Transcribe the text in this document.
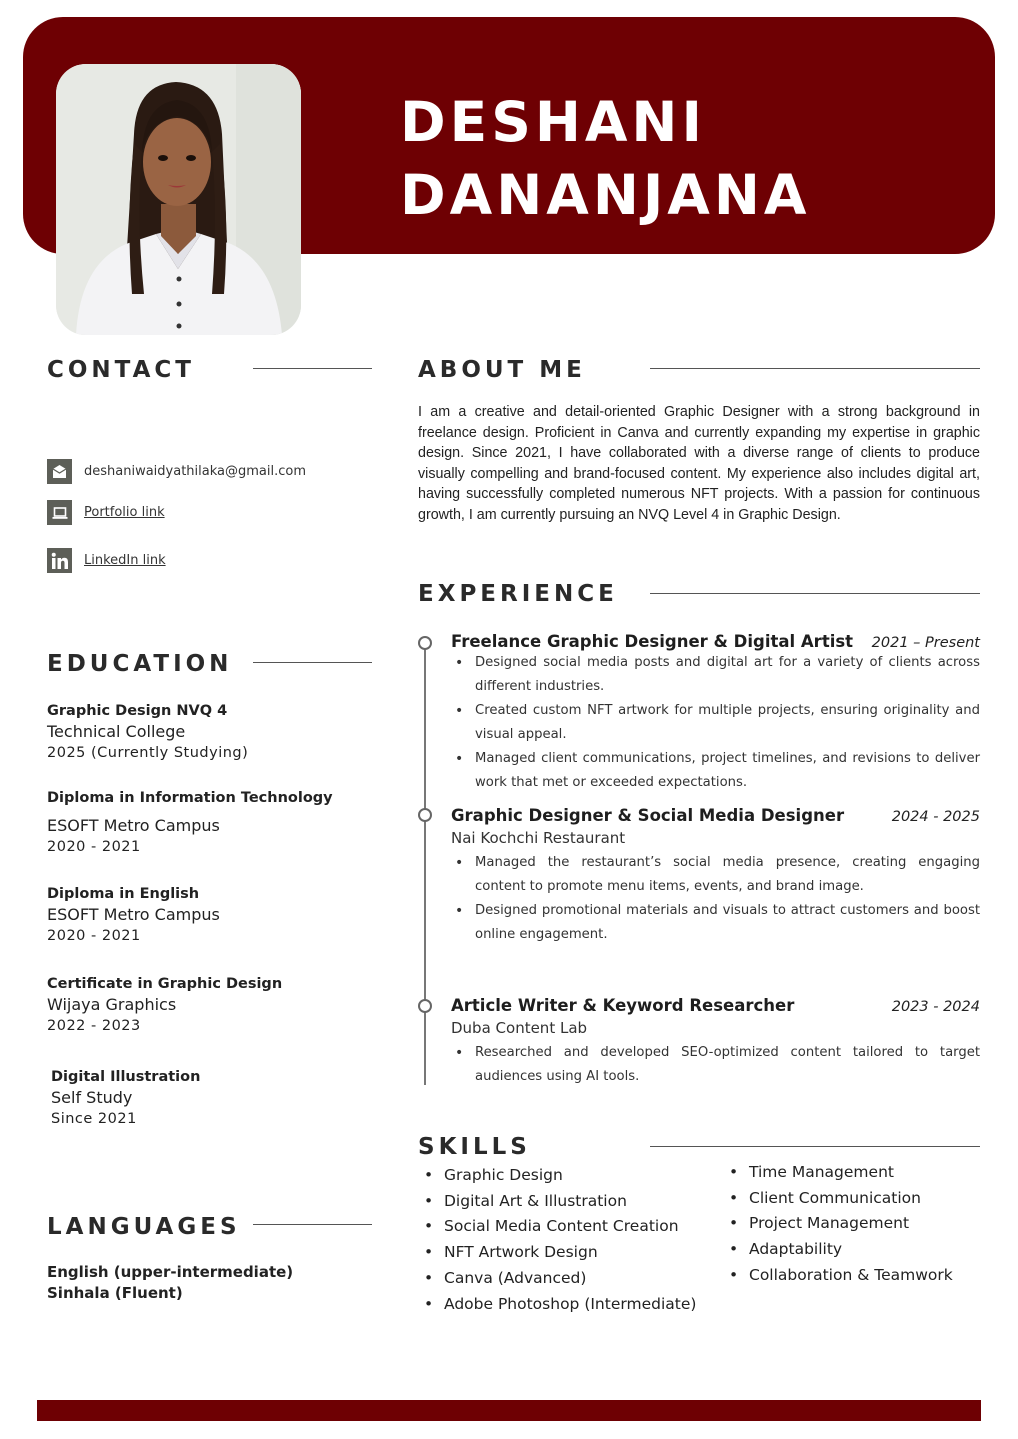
DESHANI
DANANJANA
CONTACT
deshaniwaidyathilaka@gmail.com
Portfolio link
LinkedIn link
EDUCATION
Graphic Design NVQ 4
Technical College
2025 (Currently Studying)
Diploma in Information Technology
ESOFT Metro Campus
2020 - 2021
Diploma in English
ESOFT Metro Campus
2020 - 2021
Certificate in Graphic Design
Wijaya Graphics
2022 - 2023
Digital Illustration
Self Study
Since 2021
LANGUAGES
English (upper-intermediate)
Sinhala (Fluent)
ABOUT ME
I am a creative and detail-oriented Graphic Designer with a strong background in freelance design. Proficient in Canva and currently expanding my expertise in graphic design. Since 2021, I have collaborated with a diverse range of clients to produce visually compelling and brand-focused content. My experience also includes digital art, having successfully completed numerous NFT projects. With a passion for continuous growth, I am currently pursuing an NVQ Level 4 in Graphic Design.
EXPERIENCE
Freelance Graphic Designer & Digital Artist 2021 – Present
• Designed social media posts and digital art for a variety of clients across different industries.
• Created custom NFT artwork for multiple projects, ensuring originality and visual appeal.
• Managed client communications, project timelines, and revisions to deliver work that met or exceeded expectations.
Graphic Designer & Social Media Designer	2024 - 2025
Nai Kochchi Restaurant
• Managed the restaurant’s social media presence, creating engaging content to promote menu items, events, and brand image.
• Designed promotional materials and visuals to attract customers and boost online engagement.
Article Writer & Keyword Researcher	2023 - 2024
Duba Content Lab
• Researched and developed SEO-optimized content tailored to target audiences using AI tools.
SKILLS
• Graphic Design
• Digital Art & Illustration
• Social Media Content Creation
• NFT Artwork Design
• Canva (Advanced)
• Adobe Photoshop (Intermediate)
• Time Management
• Client Communication
• Project Management
• Adaptability
• Collaboration & Teamwork
